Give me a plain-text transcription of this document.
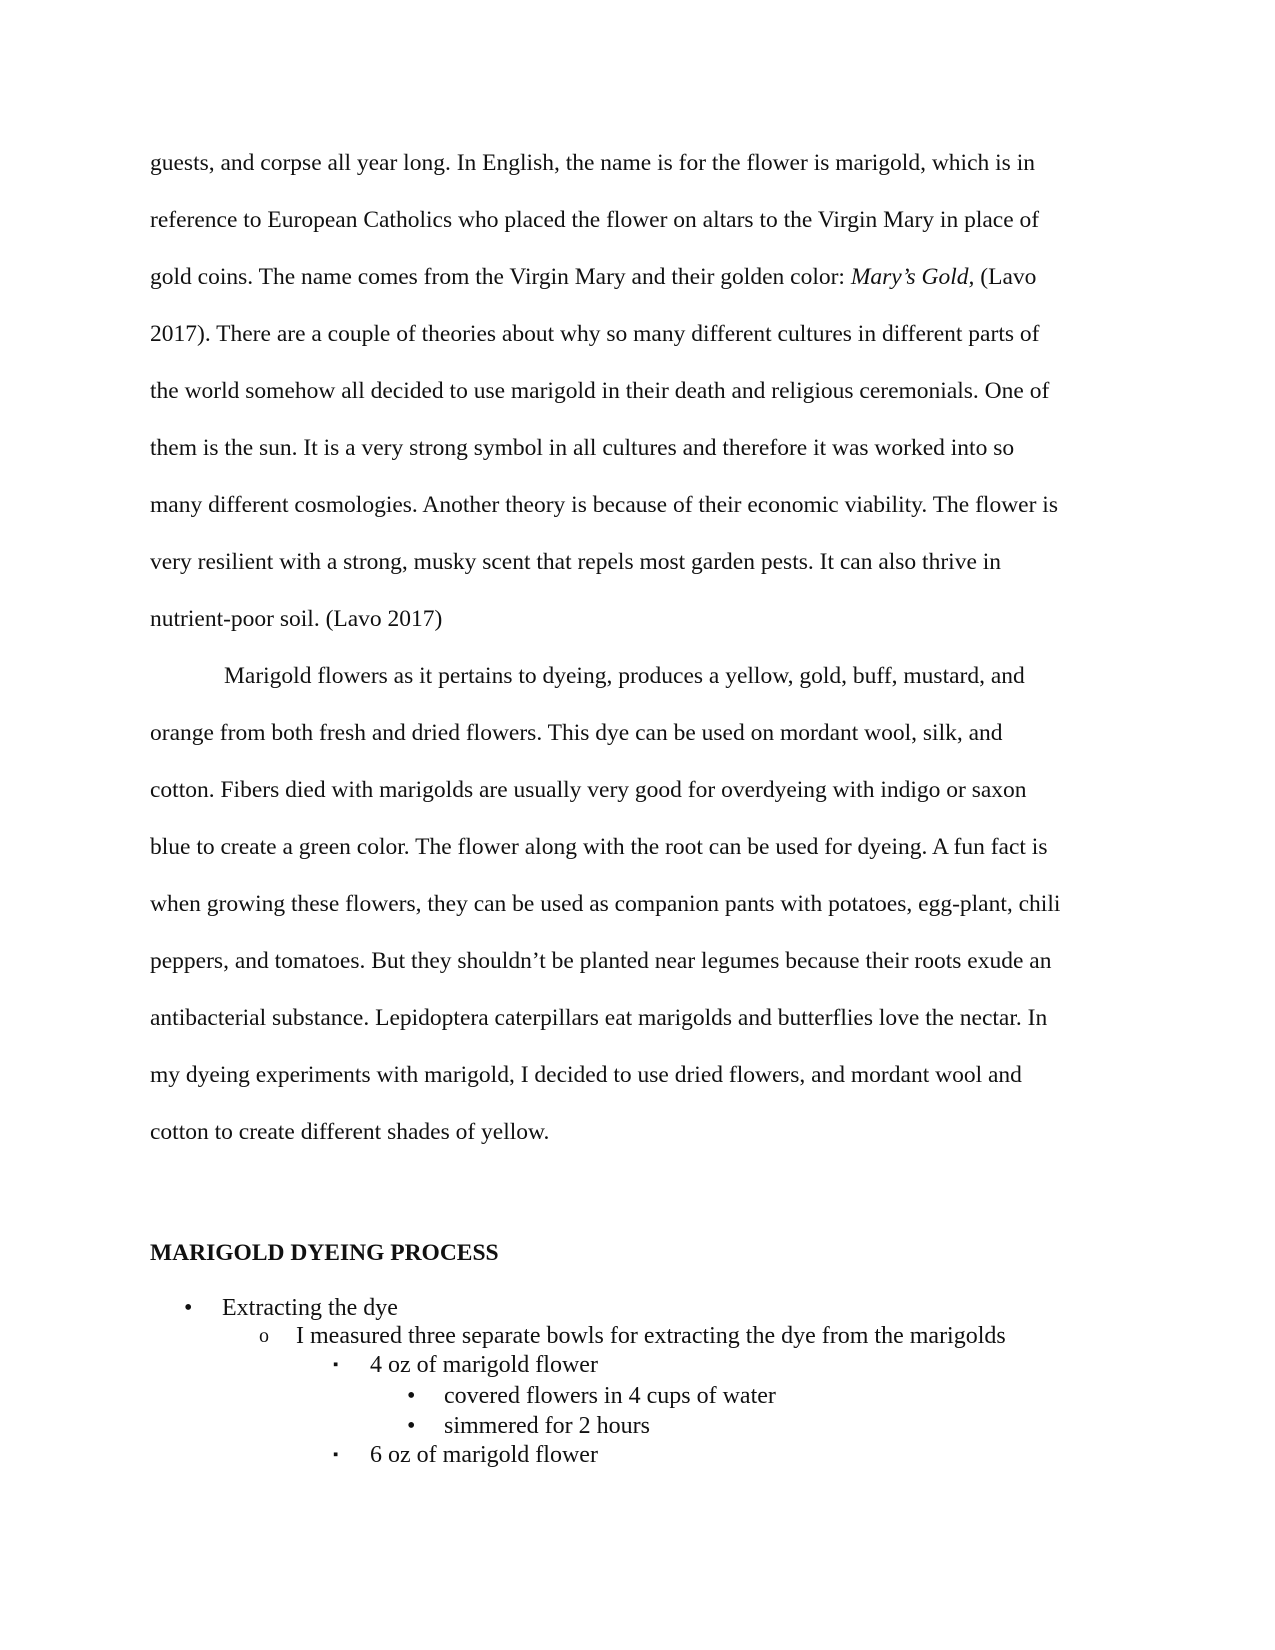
guests, and corpse all year long. In English, the name is for the flower is marigold, which is in
reference to European Catholics who placed the flower on altars to the Virgin Mary in place of
gold coins. The name comes from the Virgin Mary and their golden color: Mary’s Gold, (Lavo
2017). There are a couple of theories about why so many different cultures in different parts of
the world somehow all decided to use marigold in their death and religious ceremonials. One of
them is the sun. It is a very strong symbol in all cultures and therefore it was worked into so
many different cosmologies. Another theory is because of their economic viability. The flower is
very resilient with a strong, musky scent that repels most garden pests. It can also thrive in
nutrient-poor soil. (Lavo 2017)
Marigold flowers as it pertains to dyeing, produces a yellow, gold, buff, mustard, and
orange from both fresh and dried flowers. This dye can be used on mordant wool, silk, and
cotton. Fibers died with marigolds are usually very good for overdyeing with indigo or saxon
blue to create a green color. The flower along with the root can be used for dyeing. A fun fact is
when growing these flowers, they can be used as companion pants with potatoes, egg-plant, chili
peppers, and tomatoes. But they shouldn’t be planted near legumes because their roots exude an
antibacterial substance. Lepidoptera caterpillars eat marigolds and butterflies love the nectar. In
my dyeing experiments with marigold, I decided to use dried flowers, and mordant wool and
cotton to create different shades of yellow.
MARIGOLD DYEING PROCESS
• Extracting the dye
o I measured three separate bowls for extracting the dye from the marigolds
▪ 4 oz of marigold flower
• covered flowers in 4 cups of water
• simmered for 2 hours
▪ 6 oz of marigold flower
